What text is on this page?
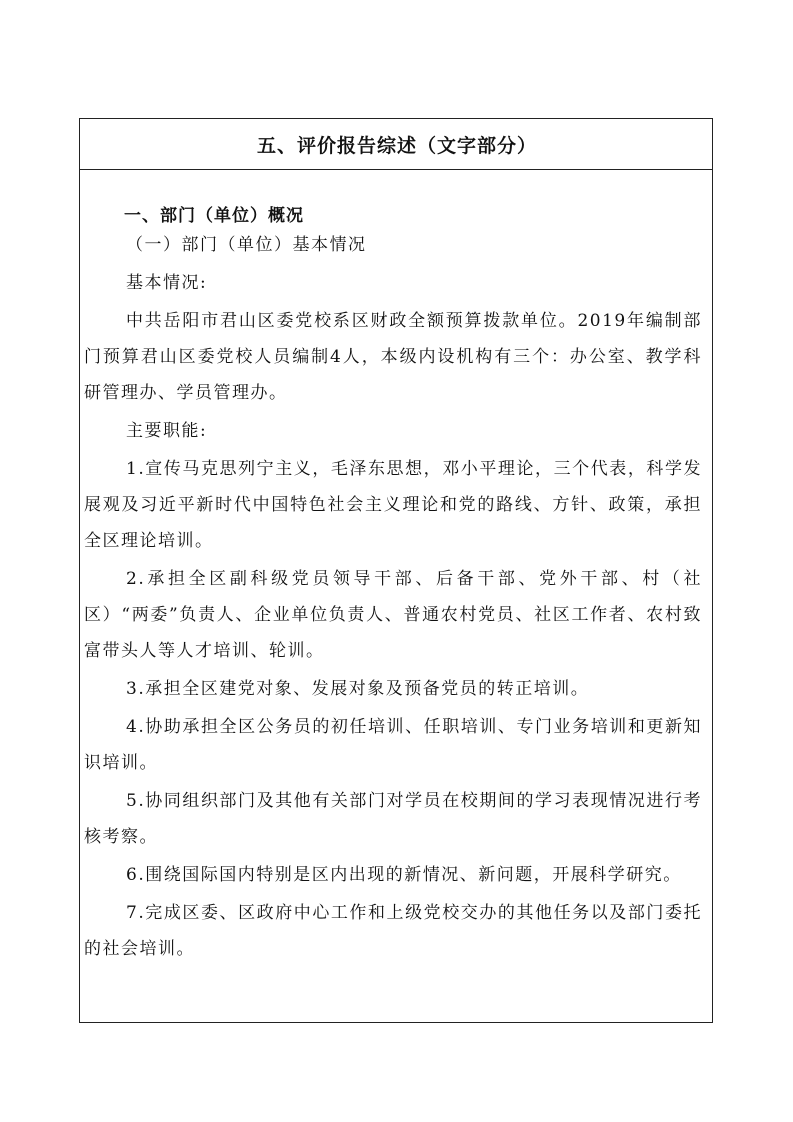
五、评价报告综述（文字部分）
一、部门（单位）概况

（一）部门（单位）基本情况

基本情况:

中共岳阳市君山区委党校系区财政全额预算拨款单位。2019年编制部门预算君山区委党校人员编制4人，本级内设机构有三个：办公室、教学科研管理办、学员管理办。

主要职能:

1.宣传马克思列宁主义，毛泽东思想，邓小平理论，三个代表，科学发展观及习近平新时代中国特色社会主义理论和党的路线、方针、政策，承担全区理论培训。

2.承担全区副科级党员领导干部、后备干部、党外干部、村（社区）“两委”负责人、企业单位负责人、普通农村党员、社区工作者、农村致富带头人等人才培训、轮训。

3.承担全区建党对象、发展对象及预备党员的转正培训。

4.协助承担全区公务员的初任培训、任职培训、专门业务培训和更新知识培训。

5.协同组织部门及其他有关部门对学员在校期间的学习表现情况进行考核考察。

6.围绕国际国内特别是区内出现的新情况、新问题，开展科学研究。

7.完成区委、区政府中心工作和上级党校交办的其他任务以及部门委托的社会培训。
